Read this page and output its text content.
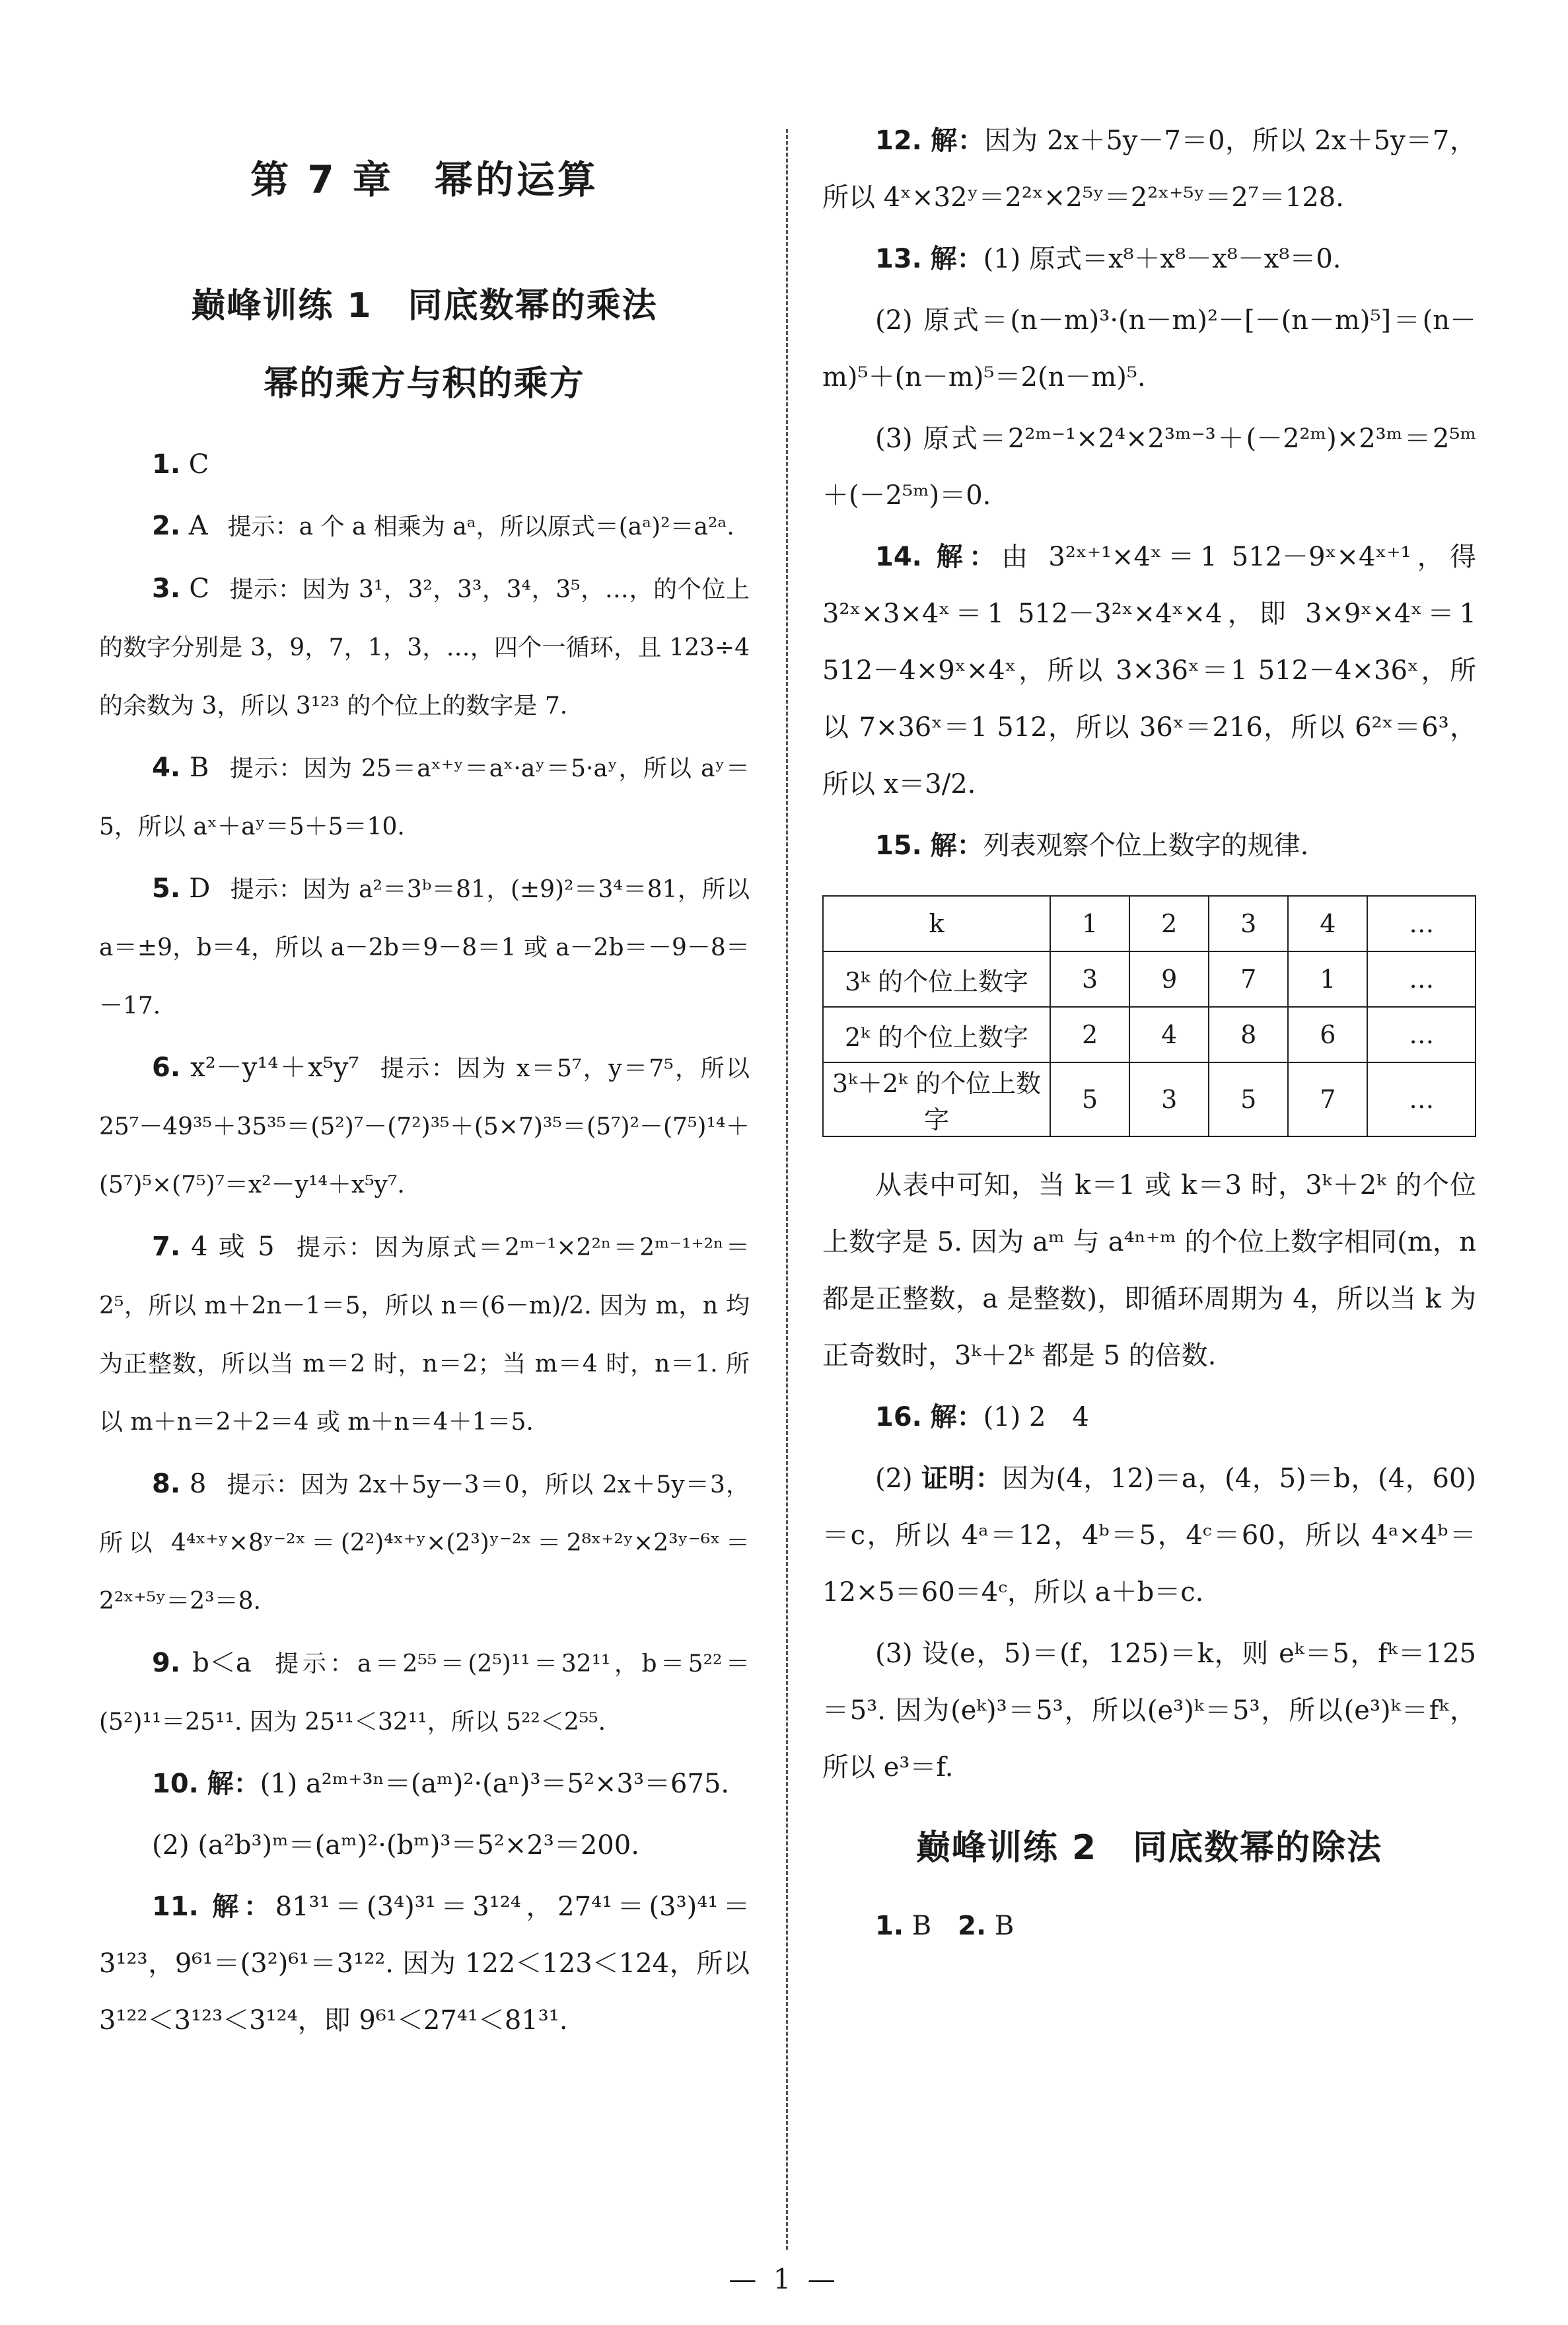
第 7 章　幂的运算
巅峰训练 1　同底数幂的乘法
幂的乘方与积的乘方

1. C

2. A 提示：a 个 a 相乘为 aᵃ，所以原式＝(aᵃ)²＝a²ᵃ.

3. C 提示：因为 3¹，3²，3³，3⁴，3⁵，…，的个位上的数字分别是 3，9，7，1，3，…，四个一循环，且 123÷4 的余数为 3，所以 3¹²³ 的个位上的数字是 7.

4. B 提示：因为 25＝aˣ⁺ʸ＝aˣ·aʸ＝5·aʸ，所以 aʸ＝5，所以 aˣ＋aʸ＝5＋5＝10.

5. D 提示：因为 a²＝3ᵇ＝81，(±9)²＝3⁴＝81，所以 a＝±9，b＝4，所以 a－2b＝9－8＝1 或 a－2b＝－9－8＝－17.

6. x²－y¹⁴＋x⁵y⁷ 提示：因为 x＝5⁷，y＝7⁵，所以 25⁷－49³⁵＋35³⁵＝(5²)⁷－(7²)³⁵＋(5×7)³⁵＝(5⁷)²－(7⁵)¹⁴＋(5⁷)⁵×(7⁵)⁷＝x²－y¹⁴＋x⁵y⁷.

7. 4 或 5 提示：因为原式＝2ᵐ⁻¹×2²ⁿ＝2ᵐ⁻¹⁺²ⁿ＝2⁵，所以 m＋2n－1＝5，所以 n＝(6－m)/2. 因为 m，n 均为正整数，所以当 m＝2 时，n＝2；当 m＝4 时，n＝1. 所以 m＋n＝2＋2＝4 或 m＋n＝4＋1＝5.

8. 8 提示：因为 2x＋5y－3＝0，所以 2x＋5y＝3，所以 4⁴ˣ⁺ʸ×8ʸ⁻²ˣ＝(2²)⁴ˣ⁺ʸ×(2³)ʸ⁻²ˣ＝2⁸ˣ⁺²ʸ×2³ʸ⁻⁶ˣ＝2²ˣ⁺⁵ʸ＝2³＝8.

9. b＜a 提示：a＝2⁵⁵＝(2⁵)¹¹＝32¹¹，b＝5²²＝(5²)¹¹＝25¹¹. 因为 25¹¹＜32¹¹，所以 5²²＜2⁵⁵.

10. 解：(1) a²ᵐ⁺³ⁿ＝(aᵐ)²·(aⁿ)³＝5²×3³＝675.

(2) (a²b³)ᵐ＝(aᵐ)²·(bᵐ)³＝5²×2³＝200.

11. 解：81³¹＝(3⁴)³¹＝3¹²⁴，27⁴¹＝(3³)⁴¹＝3¹²³，9⁶¹＝(3²)⁶¹＝3¹²². 因为 122＜123＜124，所以 3¹²²＜3¹²³＜3¹²⁴，即 9⁶¹＜27⁴¹＜81³¹.

12. 解：因为 2x＋5y－7＝0，所以 2x＋5y＝7，所以 4ˣ×32ʸ＝2²ˣ×2⁵ʸ＝2²ˣ⁺⁵ʸ＝2⁷＝128.

13. 解：(1) 原式＝x⁸＋x⁸－x⁸－x⁸＝0.

(2) 原式＝(n－m)³·(n－m)²－[－(n－m)⁵]＝(n－m)⁵＋(n－m)⁵＝2(n－m)⁵.

(3) 原式＝2²ᵐ⁻¹×2⁴×2³ᵐ⁻³＋(－2²ᵐ)×2³ᵐ＝2⁵ᵐ＋(－2⁵ᵐ)＝0.

14. 解：由 3²ˣ⁺¹×4ˣ＝1 512－9ˣ×4ˣ⁺¹，得 3²ˣ×3×4ˣ＝1 512－3²ˣ×4ˣ×4，即 3×9ˣ×4ˣ＝1 512－4×9ˣ×4ˣ，所以 3×36ˣ＝1 512－4×36ˣ，所以 7×36ˣ＝1 512，所以 36ˣ＝216，所以 6²ˣ＝6³，所以 x＝3/2.

15. 解：列表观察个位上数字的规律.

k	1	2	3	4	…
3ᵏ 的个位上数字	3	9	7	1	…
2ᵏ 的个位上数字	2	4	8	6	…
3ᵏ＋2ᵏ 的个位上数字	5	3	5	7	…

从表中可知，当 k＝1 或 k＝3 时，3ᵏ＋2ᵏ 的个位上数字是 5. 因为 aᵐ 与 a⁴ⁿ⁺ᵐ 的个位上数字相同(m，n 都是正整数，a 是整数)，即循环周期为 4，所以当 k 为正奇数时，3ᵏ＋2ᵏ 都是 5 的倍数.

16. 解：(1) 2　4

(2) 证明：因为(4，12)＝a，(4，5)＝b，(4，60)＝c，所以 4ᵃ＝12，4ᵇ＝5，4ᶜ＝60，所以 4ᵃ×4ᵇ＝12×5＝60＝4ᶜ，所以 a＋b＝c.

(3) 设(e，5)＝(f，125)＝k，则 eᵏ＝5，fᵏ＝125＝5³. 因为(eᵏ)³＝5³，所以(e³)ᵏ＝5³，所以(e³)ᵏ＝fᵏ，所以 e³＝f.

巅峰训练 2　同底数幂的除法

1. B　 2. B

— 1 —
